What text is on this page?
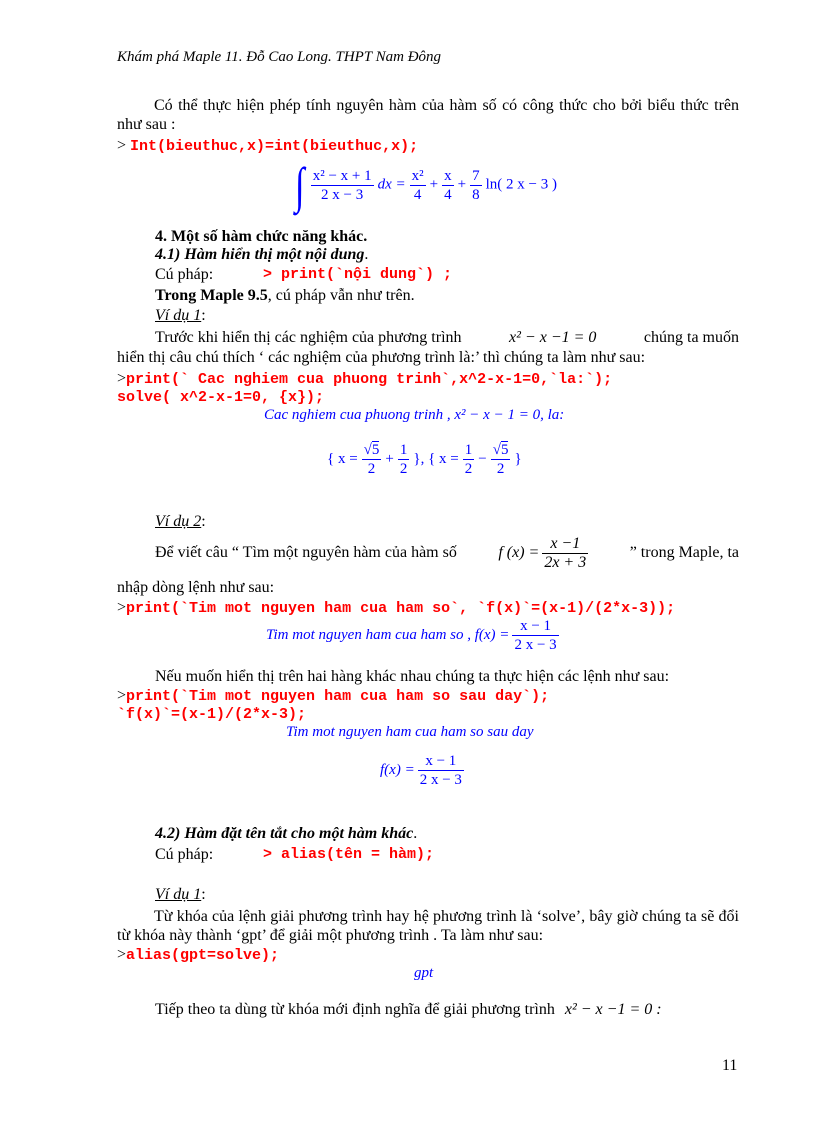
Khám phá Maple 11. Đỗ Cao Long. THPT Nam Đông
Có thể thực hiện phép tính nguyên hàm của hàm số có công thức cho bởi biểu thức trên như sau :
> Int(bieuthuc,x)=int(bieuthuc,x);
∫ $\frac{\text{x² − x + 1}}{2 x - 3}$ dx = $\frac{\text{x²}}{4} + \frac{x}{4} + \frac{7}{8} \ln$( 2 x − 3 )
4. Một số hàm chức năng khác.
4.1) Hàm hiển thị một nội dung.
Cú pháp:	> print(`nội dung`) ;
Trong Maple 9.5, cú pháp vẫn như trên.
Ví dụ 1:
Trước khi hiển thị các nghiệm của phương trình	x² − x −1 = 0	chúng ta muốn
hiển thị câu chú thích ‘ các nghiệm của phương trình là:’ thì chúng ta làm như sau:
>print(` Cac nghiem cua phuong trinh`,x^2-x-1=0,`la:`);
solve( x^2-x-1=0, {x});
Cac nghiem cua phuong trinh , x² − x − 1 = 0, la:
{ $x = \frac{√5}{2} + \frac{1}{2}$ }, { $x = \frac{1}{2} - \frac{√5}{2}$ }
Ví dụ 2:
Để viết câu “ Tìm một nguyên hàm của hàm số	f $(x) = \frac{x -1}{2x + 3}$	” trong Maple, ta
nhập dòng lệnh như sau:
>print(`Tim mot nguyen ham cua ham so`, `f(x)`=(x-1)/(2*x-3));
Tim mot nguyen ham cua ham so , $f(x) = \frac{x - 1}{2 x - 3}$
Nếu muốn hiển thị trên hai hàng khác nhau chúng ta thực hiện các lệnh như sau:
>print(`Tim mot nguyen ham cua ham so sau day`);
`f(x)`=(x-1)/(2*x-3);
Tim mot nguyen ham cua ham so sau day
$f(x) = \frac{x - 1}{2 x - 3}$
4.2) Hàm đặt tên tắt cho một hàm khác.
Cú pháp:	> alias(tên = hàm);
Ví dụ 1:
Từ khóa của lệnh giải phương trình hay hệ phương trình là ‘solve’, bây giờ chúng ta sẽ đổi từ khóa này thành ‘gpt’ để giải một phương trình . Ta làm như sau:
>alias(gpt=solve);
gpt
Tiếp theo ta dùng từ khóa mới định nghĩa để giải phương trình x² − x −1 = 0 :
11
